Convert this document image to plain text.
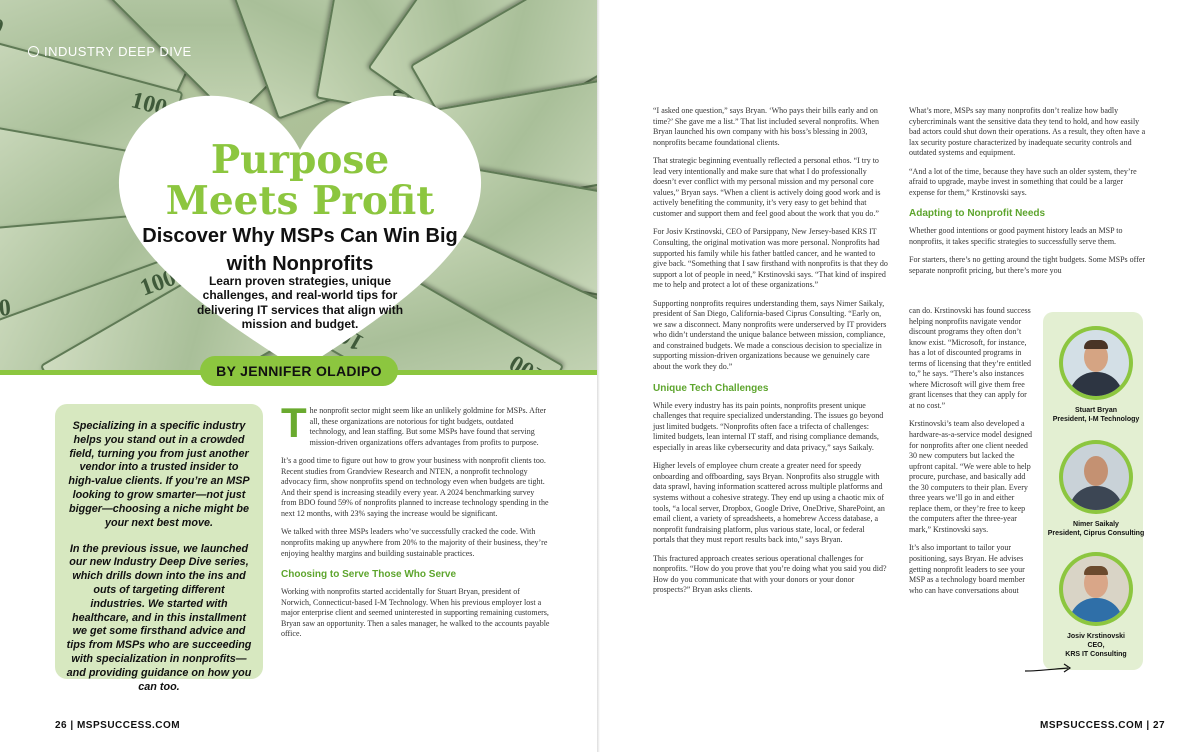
100 100
100 100
100 100
100 100
100 100
100 100
100 100
100 100
100 100
100 100
100 100
100 100
100 100
100 100
100 100
INDUSTRY DEEP DIVE
Purpose Meets Profit
Discover Why MSPs Can Win Big with Nonprofits
Learn proven strategies, unique challenges, and real-world tips for delivering IT services that align with mission and budget.
BY JENNIFER OLADIPO

Specializing in a specific industry helps you stand out in a crowded field, turning you from just another vendor into a trusted insider to high-value clients. If you’re an MSP looking to grow smarter—not just bigger—choosing a niche might be your next best move.

In the previous issue, we launched our new Industry Deep Dive series, which drills down into the ins and outs of targeting different industries. We started with healthcare, and in this installment we get some firsthand advice and tips from MSPs who are succeeding with specialization in nonprofits—and providing guidance on how you can too.

The nonprofit sector might seem like an unlikely goldmine for MSPs. After all, these organizations are notorious for tight budgets, outdated technology, and lean staffing. But some MSPs have found that serving mission-driven organizations offers advantages from profits to purpose.

It’s a good time to figure out how to grow your business with nonprofit clients too. Recent studies from Grandview Research and NTEN, a nonprofit technology advocacy firm, show nonprofits spend on technology even when budgets are tight. And their spend is increasing steadily every year. A 2024 benchmarking survey from BDO found 59% of nonprofits planned to increase technology spending in the next 12 months, with 23% saying the increase would be significant.

We talked with three MSPs leaders who’ve successfully cracked the code. With nonprofits making up anywhere from 20% to the majority of their business, they’re enjoying healthy margins and building sustainable practices.

Choosing to Serve Those Who Serve

Working with nonprofits started accidentally for Stuart Bryan, president of Norwich, Connecticut-based I-M Technology. When his previous employer lost a major enterprise client and seemed uninterested in supporting remaining customers, Bryan saw an opportunity. Then a sales manager, he walked to the accounts payable office.

26 | MSPSUCCESS.COM

“I asked one question,” says Bryan. ‘Who pays their bills early and on time?’ She gave me a list.” That list included several nonprofits. When Bryan launched his own company with his boss’s blessing in 2003, nonprofits became foundational clients.

That strategic beginning eventually reflected a personal ethos. “I try to lead very intentionally and make sure that what I do professionally doesn’t ever conflict with my personal mission and my personal core values,” Bryan says. “When a client is actively doing good work and is actively benefiting the community, it’s very easy to get behind that customer and support them and feel good about the work that you do.”

For Josiv Krstinovski, CEO of Parsippany, New Jersey-based KRS IT Consulting, the original motivation was more personal. Nonprofits had supported his family while his father battled cancer, and he wanted to give back. “Something that I saw firsthand with nonprofits is that they do support a lot of people in need,” Krstinovski says. “That kind of inspired me to help and protect a lot of these organizations.”

Supporting nonprofits requires understanding them, says Nimer Saikaly, president of San Diego, California-based Ciprus Consulting. “Early on, we saw a disconnect. Many nonprofits were underserved by IT providers who didn’t understand the unique balance between mission, compliance, and constrained budgets. We made a conscious decision to specialize in supporting mission-driven organizations because we genuinely care about the work they do.”

Unique Tech Challenges

While every industry has its pain points, nonprofits present unique challenges that require specialized understanding. The issues go beyond just limited budgets. “Nonprofits often face a trifecta of challenges: limited budgets, lean internal IT staff, and rising compliance demands, especially in areas like cybersecurity and data privacy,” says Saikaly.

Higher levels of employee churn create a greater need for speedy onboarding and offboarding, says Bryan. Nonprofits also struggle with data sprawl, having information scattered across multiple platforms and systems without a cohesive strategy. They end up using a chaotic mix of tools, “a local server, Dropbox, Google Drive, OneDrive, SharePoint, an email client, a variety of spreadsheets, a homebrew Access database, a nonprofit fundraising platform, plus various state, local, or federal portals that they must report results back into,” says Bryan.

This fractured approach creates serious operational challenges for nonprofits. “How do you prove that you’re doing what you said you did? How do you communicate that with your donors or your donor prospects?” Bryan asks clients.

What’s more, MSPs say many nonprofits don’t realize how badly cybercriminals want the sensitive data they tend to hold, and how easily bad actors could shut down their operations. As a result, they often have a lax security posture characterized by inadequate security controls and outdated systems and equipment.

“And a lot of the time, because they have such an older system, they’re afraid to upgrade, maybe invest in something that could be a larger expense for them,” Krstinovski says.

Adapting to Nonprofit Needs

Whether good intentions or good payment history leads an MSP to nonprofits, it takes specific strategies to successfully serve them.

For starters, there’s no getting around the tight budgets. Some MSPs offer separate nonprofit pricing, but there’s more you

can do. Krstinovski has found success helping nonprofits navigate vendor discount programs they often don’t know exist. “Microsoft, for instance, has a lot of discounted programs in terms of licensing that they’re entitled to,” he says. “There’s also instances where Microsoft will give them free grant licenses that they can apply for at no cost.”

Krstinovski’s team also developed a hardware-as-a-service model designed for nonprofits after one client needed 30 new computers but lacked the upfront capital. “We were able to help procure, purchase, and basically add the 30 computers to their plan. Every three years we’ll go in and either replace them, or they’re free to keep the computers after the three-year mark,” Krstinovski says.

It’s also important to tailor your positioning, says Bryan. He advises getting nonprofit leaders to see your MSP as a technology board member who can have conversations about

Stuart Bryan
President, I-M Technology
Nimer Saikaly
President, Ciprus Consulting
Josiv Krstinovski
CEO,
KRS IT Consulting
MSPSUCCESS.COM | 27
